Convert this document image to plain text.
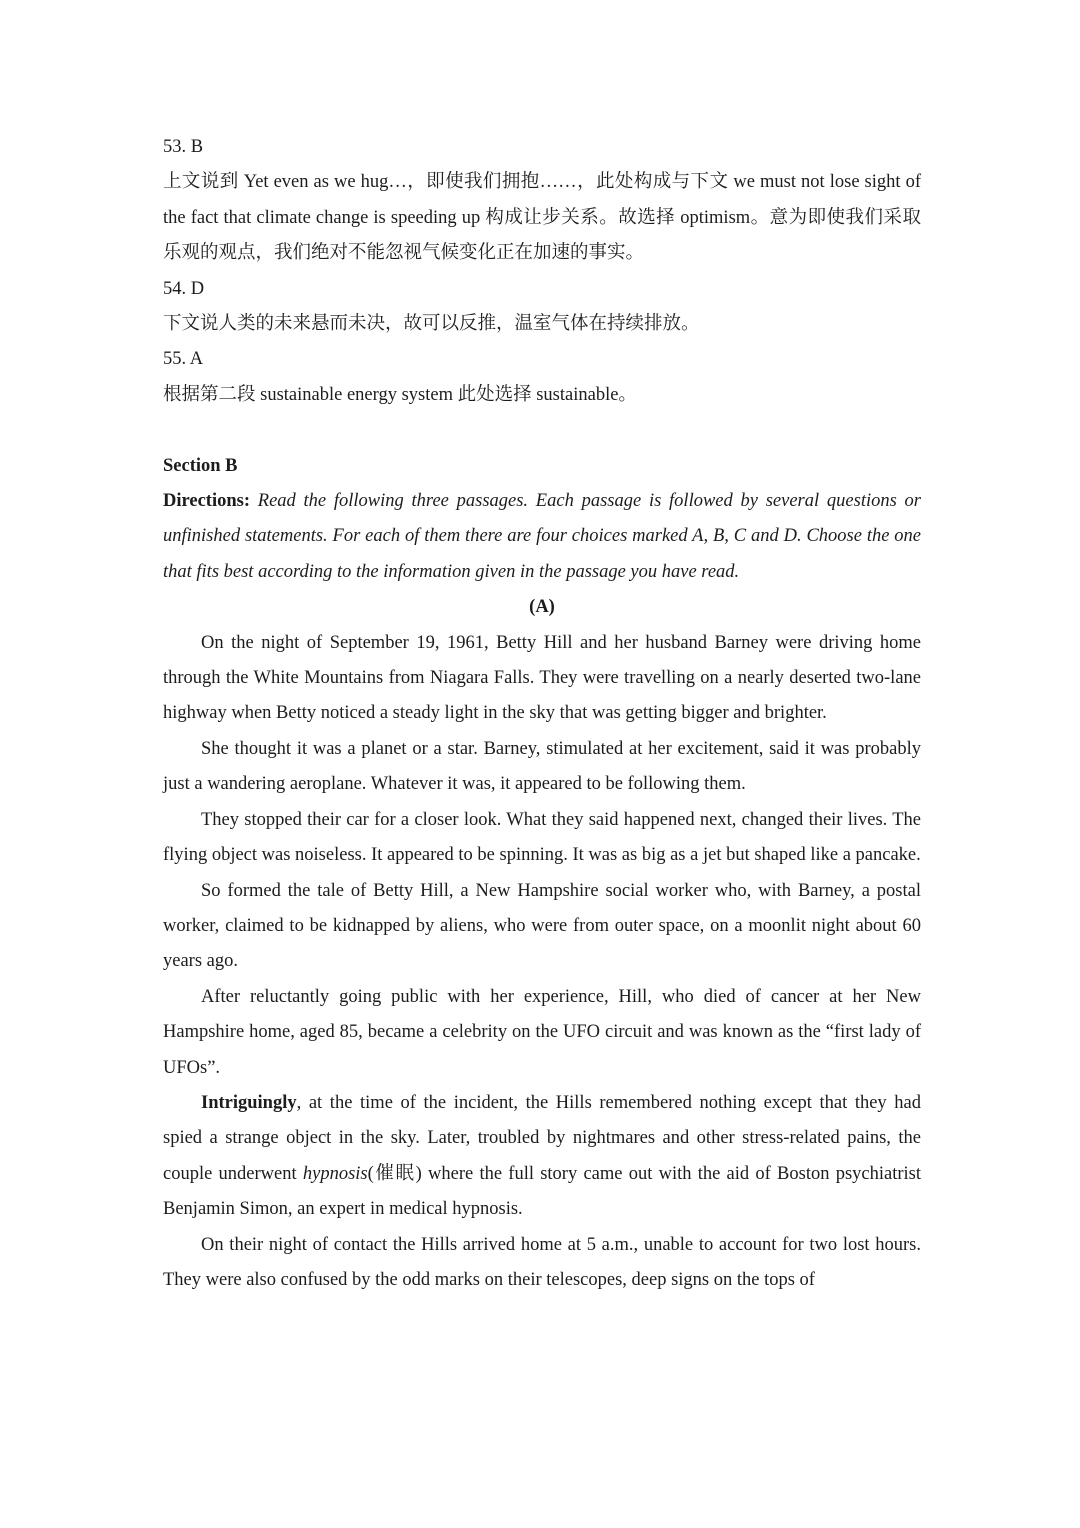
53. B

上文说到 Yet even as we hug…，即使我们拥抱……，此处构成与下文 we must not lose sight of the fact that climate change is speeding up 构成让步关系。故选择 optimism。意为即使我们采取乐观的观点，我们绝对不能忽视气候变化正在加速的事实。

54. D

下文说人类的未来悬而未决，故可以反推，温室气体在持续排放。

55. A

根据第二段 sustainable energy system 此处选择 sustainable。

Section B

Directions: Read the following three passages. Each passage is followed by several questions or unfinished statements. For each of them there are four choices marked A, B, C and D. Choose the one that fits best according to the information given in the passage you have read.

(A)

On the night of September 19, 1961, Betty Hill and her husband Barney were driving home through the White Mountains from Niagara Falls. They were travelling on a nearly deserted two-lane highway when Betty noticed a steady light in the sky that was getting bigger and brighter.

She thought it was a planet or a star. Barney, stimulated at her excitement, said it was probably just a wandering aeroplane. Whatever it was, it appeared to be following them.

They stopped their car for a closer look. What they said happened next, changed their lives. The flying object was noiseless. It appeared to be spinning. It was as big as a jet but shaped like a pancake.

So formed the tale of Betty Hill, a New Hampshire social worker who, with Barney, a postal worker, claimed to be kidnapped by aliens, who were from outer space, on a moonlit night about 60 years ago.

After reluctantly going public with her experience, Hill, who died of cancer at her New Hampshire home, aged 85, became a celebrity on the UFO circuit and was known as the “first lady of UFOs”.

Intriguingly, at the time of the incident, the Hills remembered nothing except that they had spied a strange object in the sky. Later, troubled by nightmares and other stress-related pains, the couple underwent hypnosis(催眠) where the full story came out with the aid of Boston psychiatrist Benjamin Simon, an expert in medical hypnosis.

On their night of contact the Hills arrived home at 5 a.m., unable to account for two lost hours. They were also confused by the odd marks on their telescopes, deep signs on the tops of
